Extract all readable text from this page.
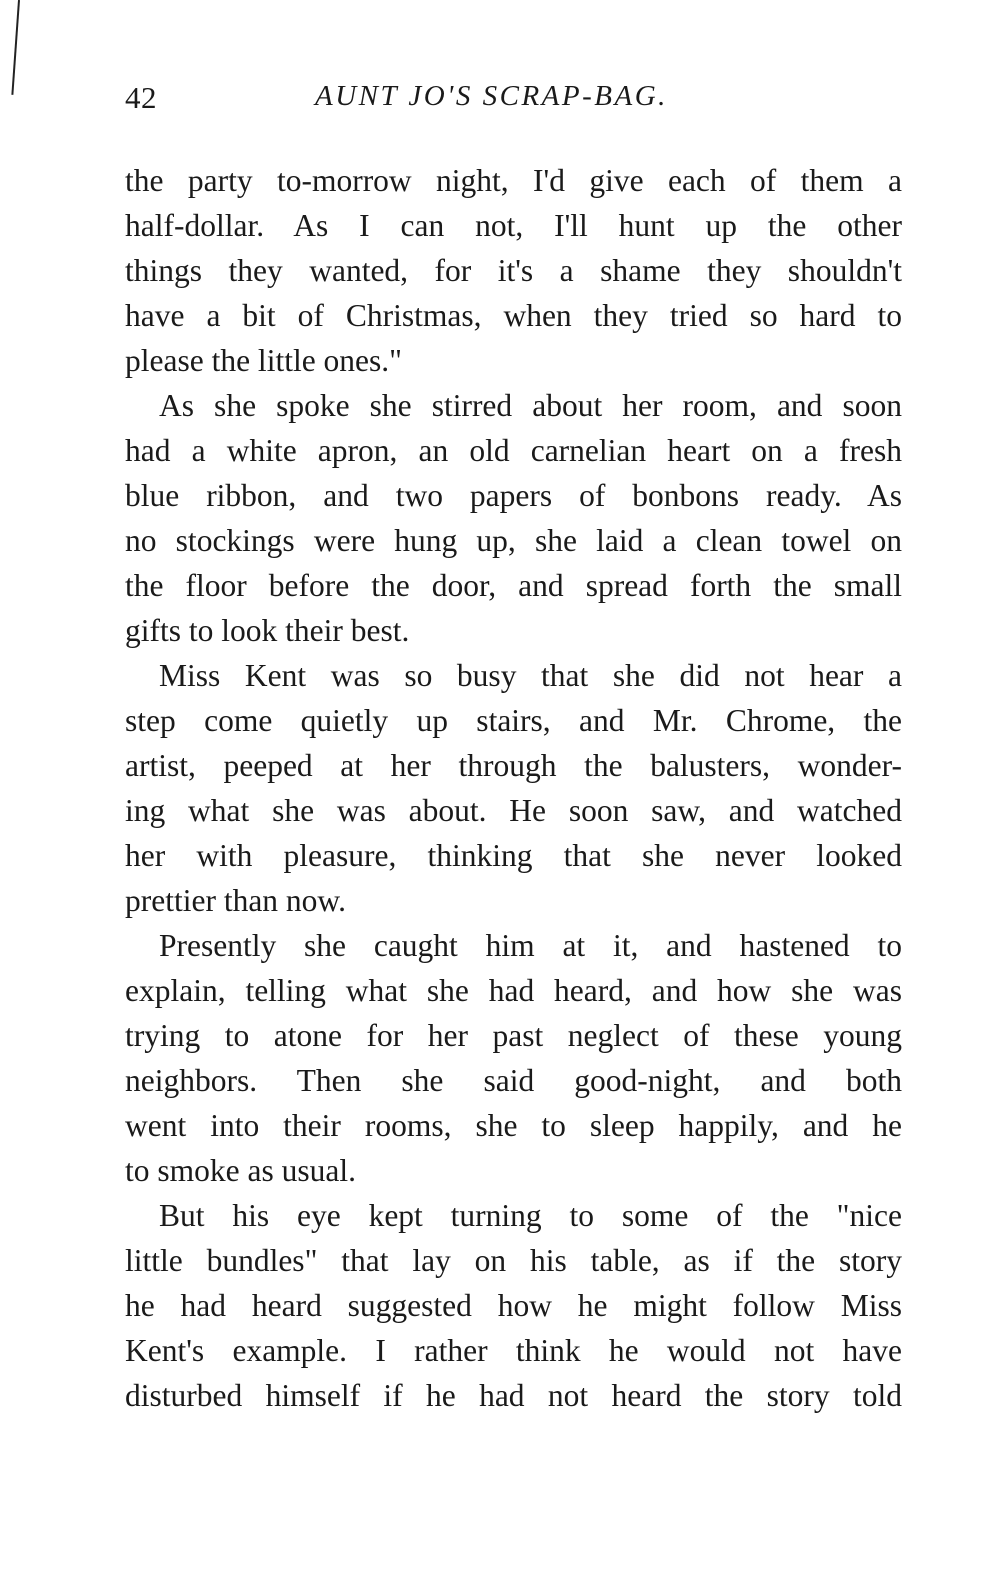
42	AUNT JO'S SCRAP-BAG.
the party to-morrow night, I'd give each of them a
half-dollar. As I can not, I'll hunt up the other
things they wanted, for it's a shame they shouldn't
have a bit of Christmas, when they tried so hard to
please the little ones."
As she spoke she stirred about her room, and soon
had a white apron, an old carnelian heart on a fresh
blue ribbon, and two papers of bonbons ready. As
no stockings were hung up, she laid a clean towel on
the floor before the door, and spread forth the small
gifts to look their best.
Miss Kent was so busy that she did not hear a
step come quietly up stairs, and Mr. Chrome, the
artist, peeped at her through the balusters, wonder-
ing what she was about. He soon saw, and watched
her with pleasure, thinking that she never looked
prettier than now.
Presently she caught him at it, and hastened to
explain, telling what she had heard, and how she was
trying to atone for her past neglect of these young
neighbors. Then she said good-night, and both
went into their rooms, she to sleep happily, and he
to smoke as usual.
But his eye kept turning to some of the "nice
little bundles" that lay on his table, as if the story
he had heard suggested how he might follow Miss
Kent's example. I rather think he would not have
disturbed himself if he had not heard the story told
